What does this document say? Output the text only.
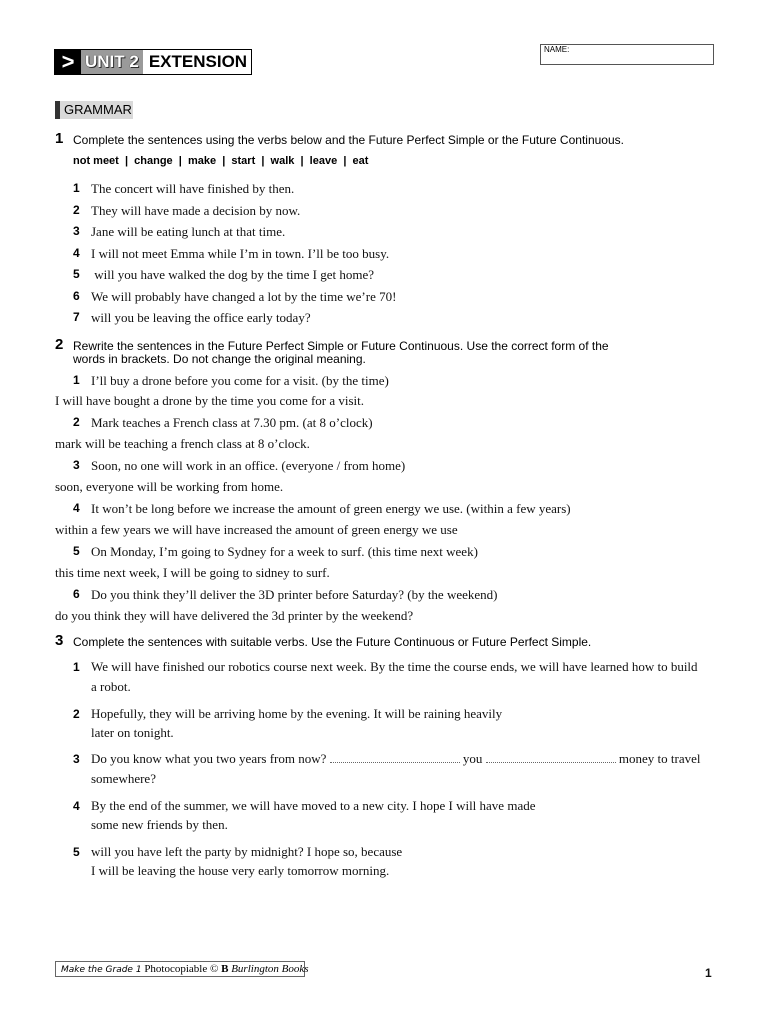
> UNIT 2 EXTENSION
NAME:
GRAMMAR
1 Complete the sentences using the verbs below and the Future Perfect Simple or the Future Continuous.
not meet  |  change  |  make  |  start  |  walk  |  leave  |  eat
1 The concert will have finished by then.
2 They will have made a decision by now.
3 Jane will be eating lunch at that time.
4 I will not meet Emma while I’m in town. I’ll be too busy.
5 will you have walked the dog by the time I get home?
6 We will probably have changed a lot by the time we’re 70!
7 will you be leaving the office early today?
2 Rewrite the sentences in the Future Perfect Simple or Future Continuous. Use the correct form of the
words in brackets. Do not change the original meaning.
1 I’ll buy a drone before you come for a visit. (by the time)
I will have bought a drone by the time you come for a visit.
2 Mark teaches a French class at 7.30 pm. (at 8 o’clock)
mark will be teaching a french class at 8 o’clock.
3 Soon, no one will work in an office. (everyone / from home)
soon, everyone will be working from home.
4 It won’t be long before we increase the amount of green energy we use. (within a few years)
within a few years we will have increased the amount of green energy we use
5 On Monday, I’m going to Sydney for a week to surf. (this time next week)
this time next week, I will be going to sidney to surf.
6 Do you think they’ll deliver the 3D printer before Saturday? (by the weekend)
do you think they will have delivered the 3d printer by the weekend?
3 Complete the sentences with suitable verbs. Use the Future Continuous or Future Perfect Simple.
1 We will have finished our robotics course next week. By the time the course ends, we will have learned how to build
a robot.
2 Hopefully, they will be arriving home by the evening. It will be raining heavily
later on tonight.
3 Do you know what you two years from now?	you	money to travel
somewhere?
4 By the end of the summer, we will have moved to a new city. I hope I will have made
some new friends by then.
5 will you have left the party by midnight? I hope so, because
I will be leaving the house very early tomorrow morning.
Make the Grade 1 Photocopiable © B Burlington Books	1
